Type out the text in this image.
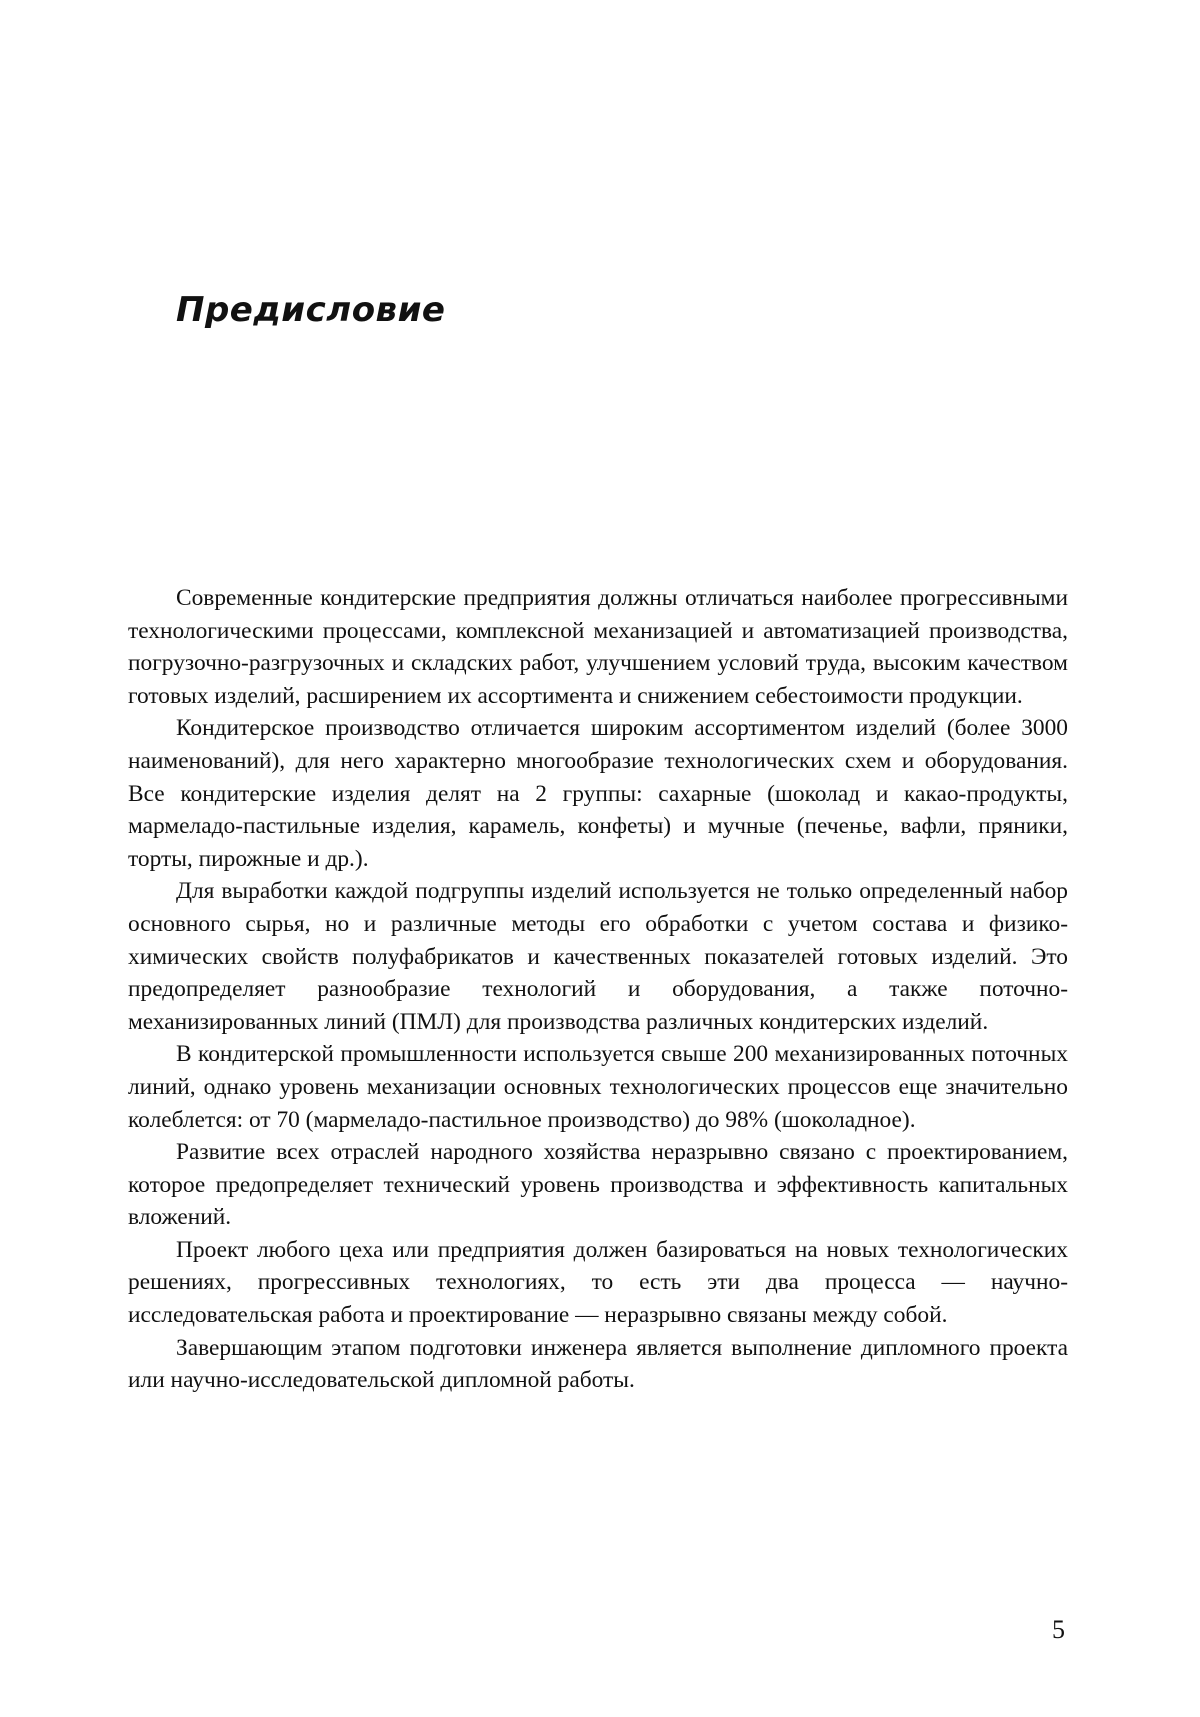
Предисловие

Современные кондитерские предприятия должны отличаться наиболее прогрессивными технологическими процессами, комплексной механизацией и автоматизацией производства, погрузочно-разгрузочных и складских работ, улучшением условий труда, высоким качеством готовых изделий, расширением их ассортимента и снижением себестоимости продукции.

Кондитерское производство отличается широким ассортиментом изделий (более 3000 наименований), для него характерно многообразие технологических схем и оборудования. Все кондитерские изделия делят на 2 группы: сахарные (шоколад и какао-продукты, мармеладо-пастильные изделия, карамель, конфеты) и мучные (печенье, вафли, пряники, торты, пирожные и др.).

Для выработки каждой подгруппы изделий используется не только определенный набор основного сырья, но и различные методы его обработки с учетом состава и физико-химических свойств полуфабрикатов и качественных показателей готовых изделий. Это предопределяет разнообразие технологий и оборудования, а также поточно-механизированных линий (ПМЛ) для производства различных кондитерских изделий.

В кондитерской промышленности используется свыше 200 механизированных поточных линий, однако уровень механизации основных технологических процессов еще значительно колеблется: от 70 (мармеладо-пастильное производство) до 98% (шоколадное).

Развитие всех отраслей народного хозяйства неразрывно связано с проектированием, которое предопределяет технический уровень производства и эффективность капитальных вложений.

Проект любого цеха или предприятия должен базироваться на новых технологических решениях, прогрессивных технологиях, то есть эти два процесса — научно-исследовательская работа и проектирование — неразрывно связаны между собой.

Завершающим этапом подготовки инженера является выполнение дипломного проекта или научно-исследовательской дипломной работы.

5
